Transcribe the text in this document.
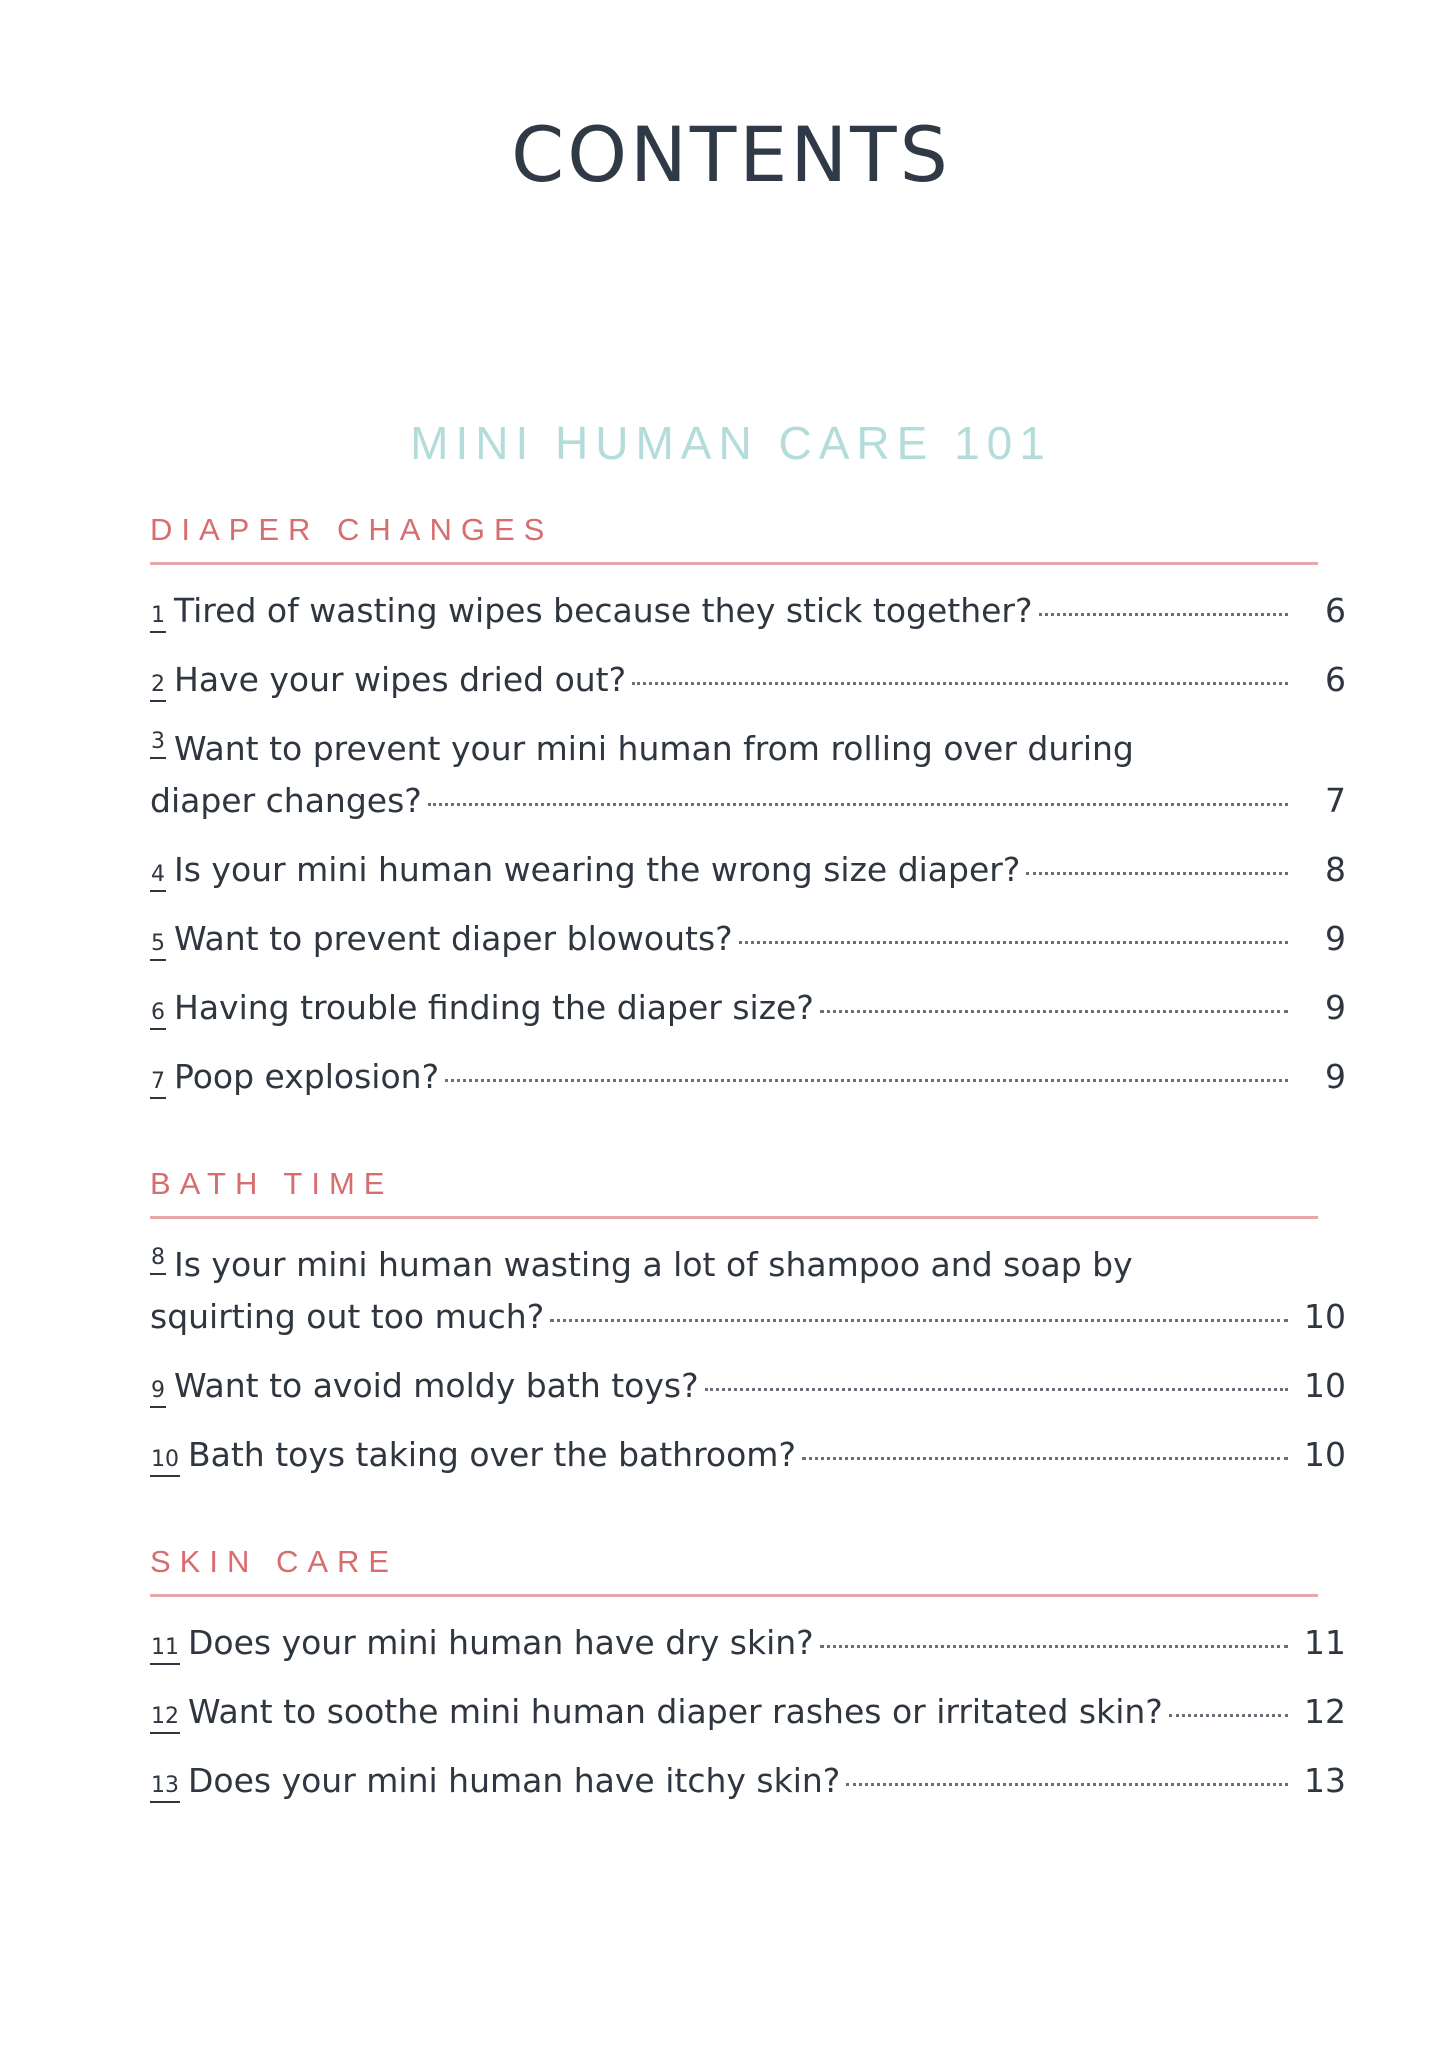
CONTENTS
MINI HUMAN CARE 101
DIAPER CHANGES
1 Tired of wasting wipes because they stick together?	6
2 Have your wipes dried out?	6
3 Want to prevent your mini human from rolling over during
diaper changes?	7
4 Is your mini human wearing the wrong size diaper?	8
5 Want to prevent diaper blowouts?	9
6 Having trouble finding the diaper size?	9
7 Poop explosion?	9
BATH TIME
8 Is your mini human wasting a lot of shampoo and soap by
squirting out too much?	10
9 Want to avoid moldy bath toys?	10
10 Bath toys taking over the bathroom?	10
SKIN CARE
11 Does your mini human have dry skin?	11
12 Want to soothe mini human diaper rashes or irritated skin?	12
13 Does your mini human have itchy skin?	13
